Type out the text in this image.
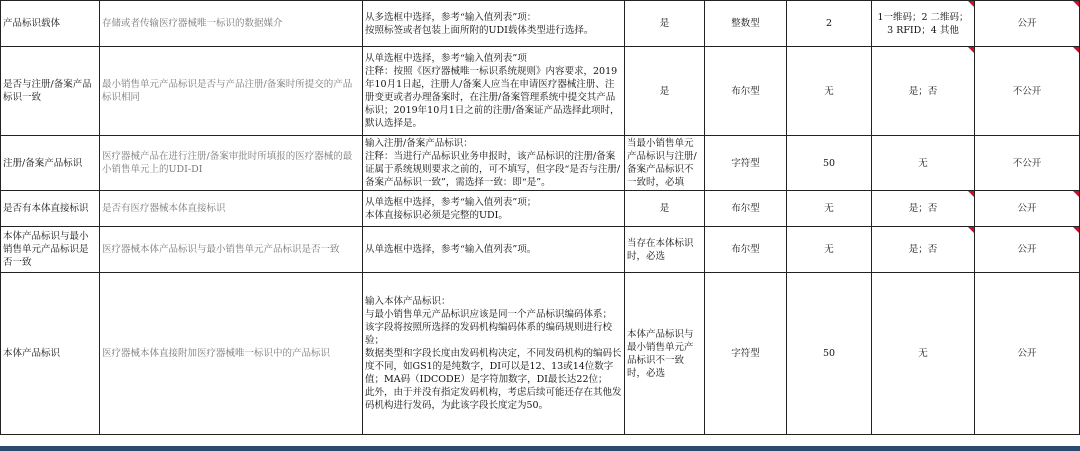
产品标识载体	存储或者传输医疗器械唯一标识的数据媒介	从多选框中选择，参考“输入值列表”项：
按照标签或者包装上面所附的UDI载体类型进行选择。	是	整数型	2	1一维码；2 二维码；
3 RFID；4 其他	公开

是否与注册/备案产品标识一致	最小销售单元产品标识是否与产品注册/备案时所提交的产品标识相同	从单选框中选择，参考“输入值列表”项
注释：按照《医疗器械唯一标识系统规则》内容要求，2019年10月1日起，注册人/备案人应当在申请医疗器械注册、注册变更或者办理备案时，在注册/备案管理系统中提交其产品标识；2019年10月1日之前的注册/备案证产品选择此项时，默认选择是。	是	布尔型	无	是；否	不公开

注册/备案产品标识	医疗器械产品在进行注册/备案审批时所填报的医疗器械的最小销售单元上的UDI-DI	输入注册/备案产品标识：
注释：当进行产品标识业务申报时，该产品标识的注册/备案证属于系统规则要求之前的，可不填写，但字段“是否与注册/备案产品标识一致”，需选择一致：即“是”。	当最小销售单元产品标识与注册/备案产品标识不一致时，必填	字符型	50	无	不公开
是否有本体直接标识	是否有医疗器械本体直接标识	从单选框中选择，参考“输入值列表”项；
本体直接标识必须是完整的UDI。	是	布尔型	无	是；否	公开

本体产品标识与最小销售单元产品标识是否一致	医疗器械本体产品标识与最小销售单元产品标识是否一致	从单选框中选择，参考“输入值列表”项。	当存在本体标识时，必选	布尔型	无	是；否	公开

本体产品标识	医疗器械本体直接附加医疗器械唯一标识中的产品标识	输入本体产品标识：
与最小销售单元产品标识应该是同一个产品标识编码体系；
该字段将按照所选择的发码机构编码体系的编码规则进行校验；
数据类型和字段长度由发码机构决定，不同发码机构的编码长度不同，如GS1的是纯数字，DI可以是12、13或14位数字值；MA码（IDCODE）是字符加数字，DI最长达22位；
此外，由于并没有指定发码机构，考虑后续可能还存在其他发码机构进行发码，为此该字段长度定为50。	本体产品标识与最小销售单元产品标识不一致时，必选	字符型	50	无	公开
